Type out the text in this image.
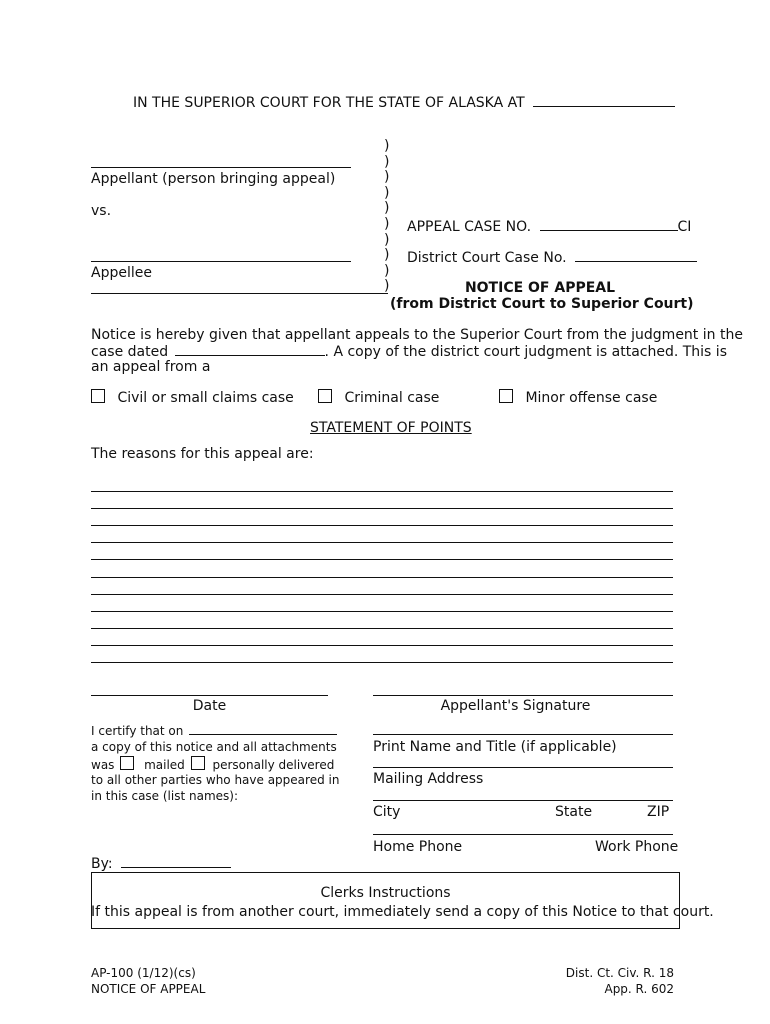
IN THE SUPERIOR COURT FOR THE STATE OF ALASKA AT
Appellant (person bringing appeal)
vs.
Appellee
)
)
)
)
)
)
)
)
)
)
APPEAL CASE NO.	CI
District Court Case No.
NOTICE OF APPEAL
(from District Court to Superior Court)
Notice is hereby given that appellant appeals to the Superior Court from the judgment in the
case dated	. A copy of the district court judgment is attached. This is
an appeal from a
Civil or small claims case	Criminal case	Minor offense case
STATEMENT OF POINTS
The reasons for this appeal are:
Date	Appellant's Signature
Print Name and Title (if applicable)
Mailing Address
City	State	ZIP
Home Phone	Work Phone
I certify that on
a copy of this notice and all attachments
was mailed personally delivered
to all other parties who have appeared in
in this case (list names):
By:
Clerks Instructions
If this appeal is from another court, immediately send a copy of this Notice to that court.
AP-100 (1/12)(cs)
NOTICE OF APPEAL
Dist. Ct. Civ. R. 18
App. R. 602
